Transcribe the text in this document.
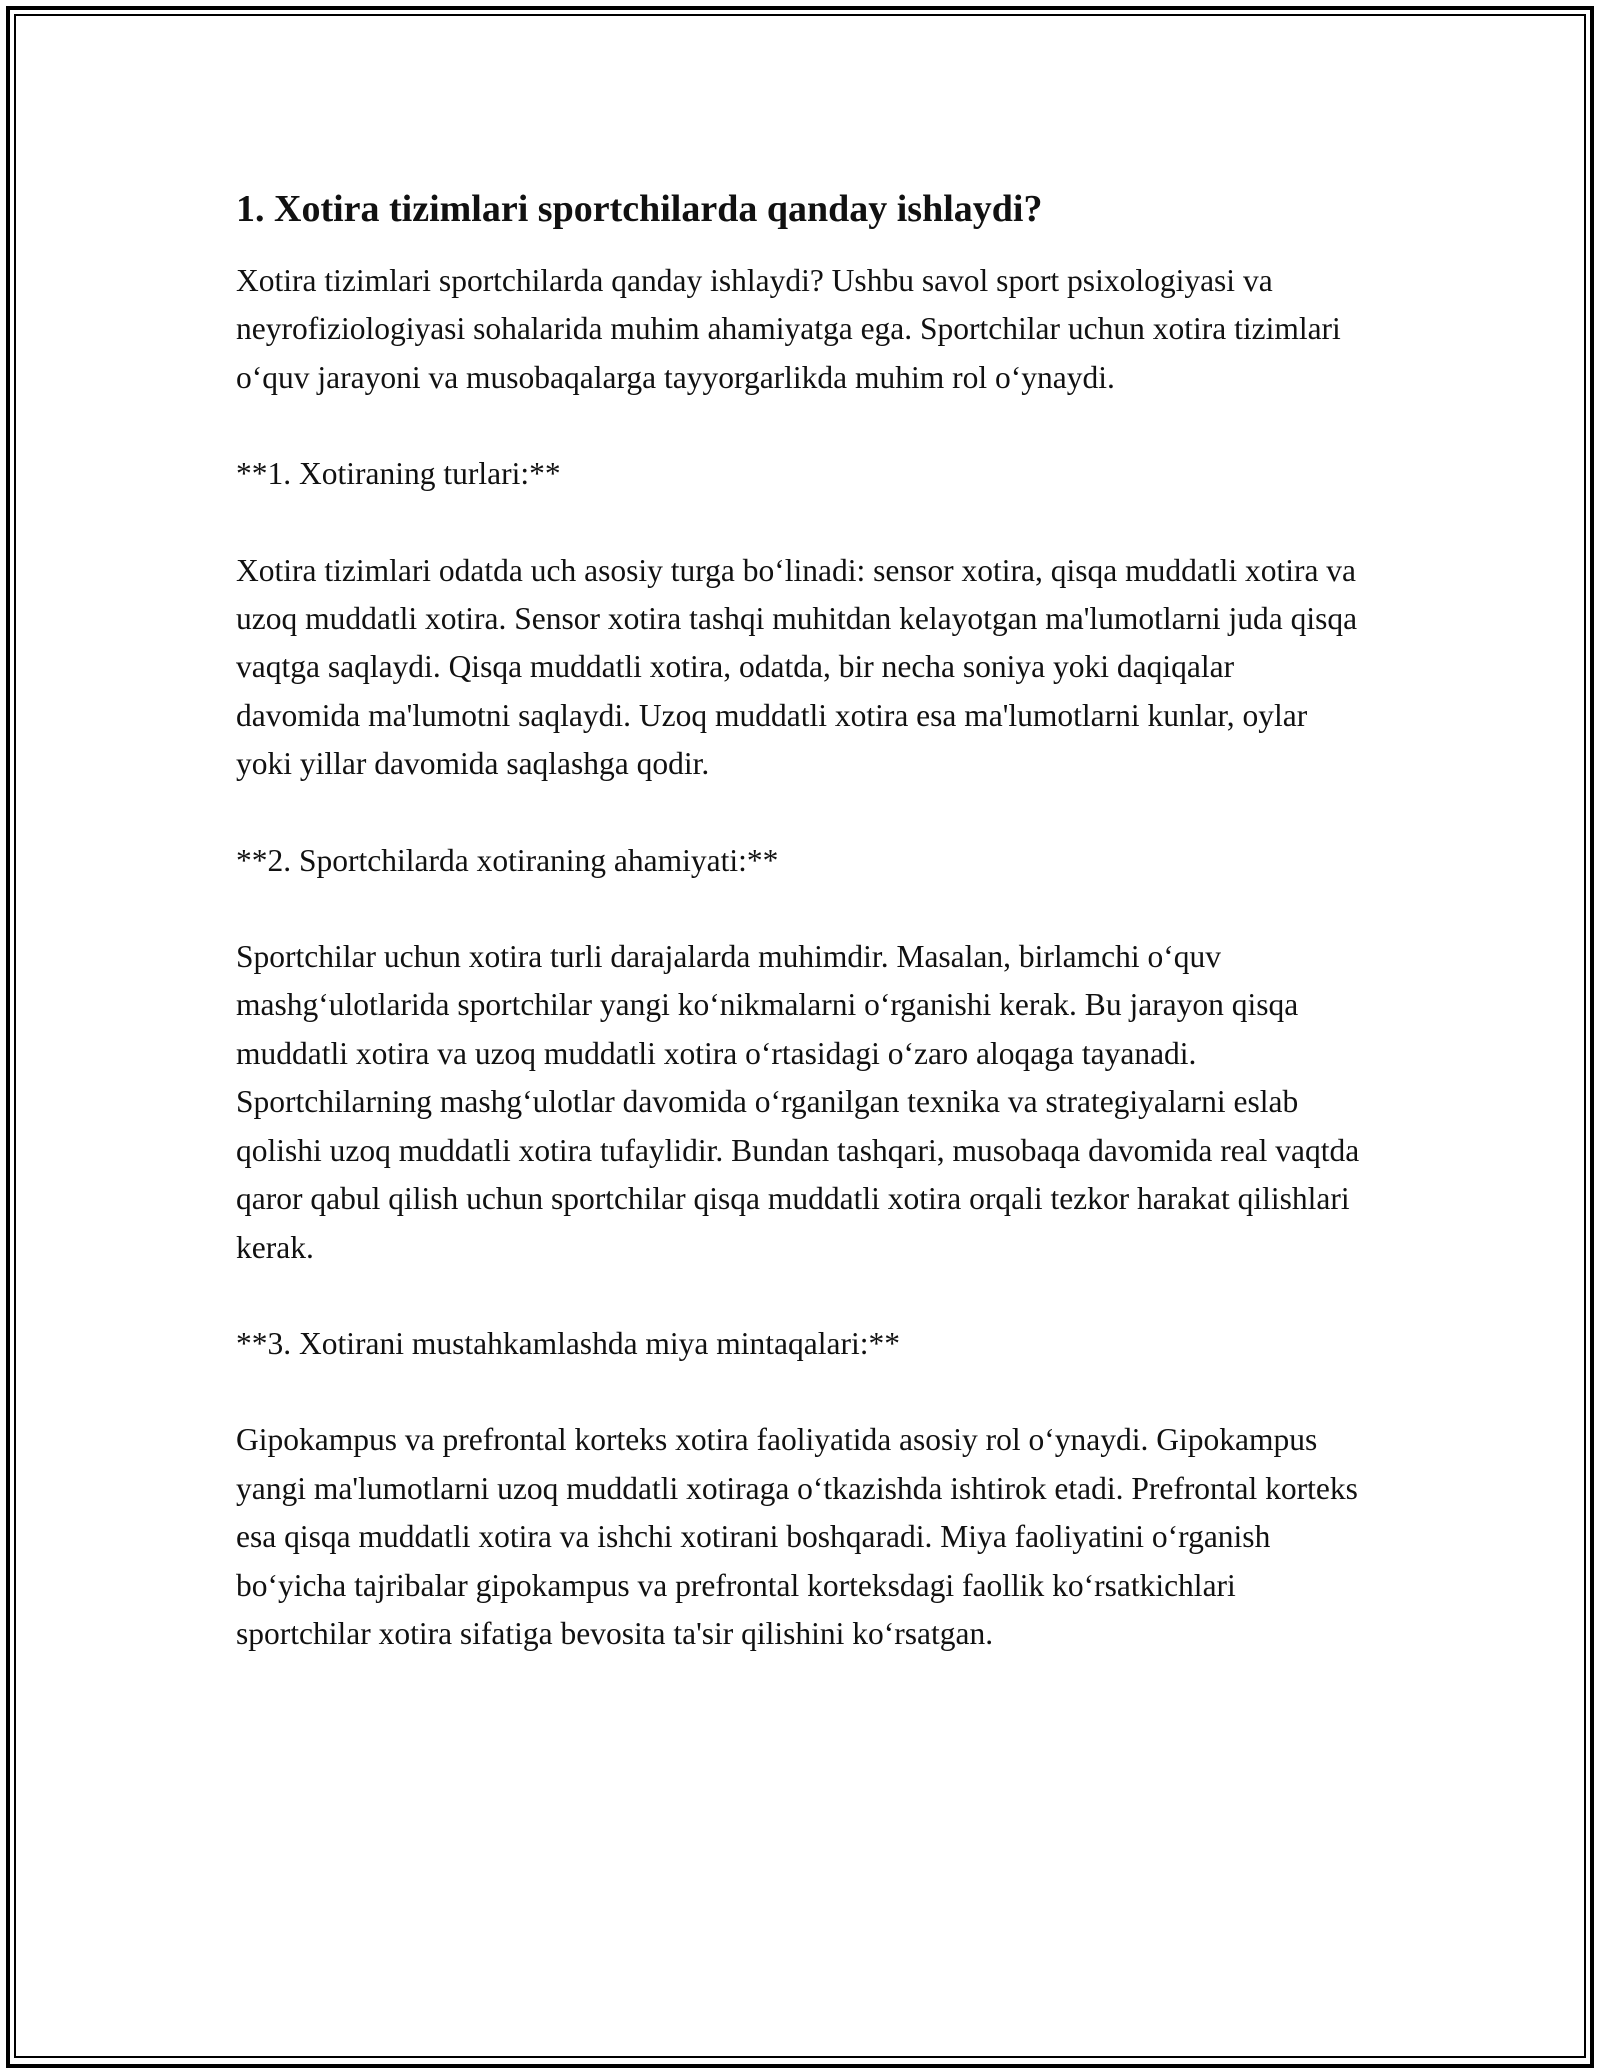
1. Xotira tizimlari sportchilarda qanday ishlaydi?

Xotira tizimlari sportchilarda qanday ishlaydi? Ushbu savol sport psixologiyasi va neyrofiziologiyasi sohalarida muhim ahamiyatga ega. Sportchilar uchun xotira tizimlari o‘quv jarayoni va musobaqalarga tayyorgarlikda muhim rol o‘ynaydi.

**1. Xotiraning turlari:**

Xotira tizimlari odatda uch asosiy turga bo‘linadi: sensor xotira, qisqa muddatli xotira va uzoq muddatli xotira. Sensor xotira tashqi muhitdan kelayotgan ma'lumotlarni juda qisqa vaqtga saqlaydi. Qisqa muddatli xotira, odatda, bir necha soniya yoki daqiqalar davomida ma'lumotni saqlaydi. Uzoq muddatli xotira esa ma'lumotlarni kunlar, oylar yoki yillar davomida saqlashga qodir.

**2. Sportchilarda xotiraning ahamiyati:**

Sportchilar uchun xotira turli darajalarda muhimdir. Masalan, birlamchi o‘quv mashg‘ulotlarida sportchilar yangi ko‘nikmalarni o‘rganishi kerak. Bu jarayon qisqa muddatli xotira va uzoq muddatli xotira o‘rtasidagi o‘zaro aloqaga tayanadi. Sportchilarning mashg‘ulotlar davomida o‘rganilgan texnika va strategiyalarni eslab qolishi uzoq muddatli xotira tufaylidir. Bundan tashqari, musobaqa davomida real vaqtda qaror qabul qilish uchun sportchilar qisqa muddatli xotira orqali tezkor harakat qilishlari kerak.

**3. Xotirani mustahkamlashda miya mintaqalari:**

Gipokampus va prefrontal korteks xotira faoliyatida asosiy rol o‘ynaydi. Gipokampus yangi ma'lumotlarni uzoq muddatli xotiraga o‘tkazishda ishtirok etadi. Prefrontal korteks esa qisqa muddatli xotira va ishchi xotirani boshqaradi. Miya faoliyatini o‘rganish bo‘yicha tajribalar gipokampus va prefrontal korteksdagi faollik ko‘rsatkichlari sportchilar xotira sifatiga bevosita ta'sir qilishini ko‘rsatgan.
